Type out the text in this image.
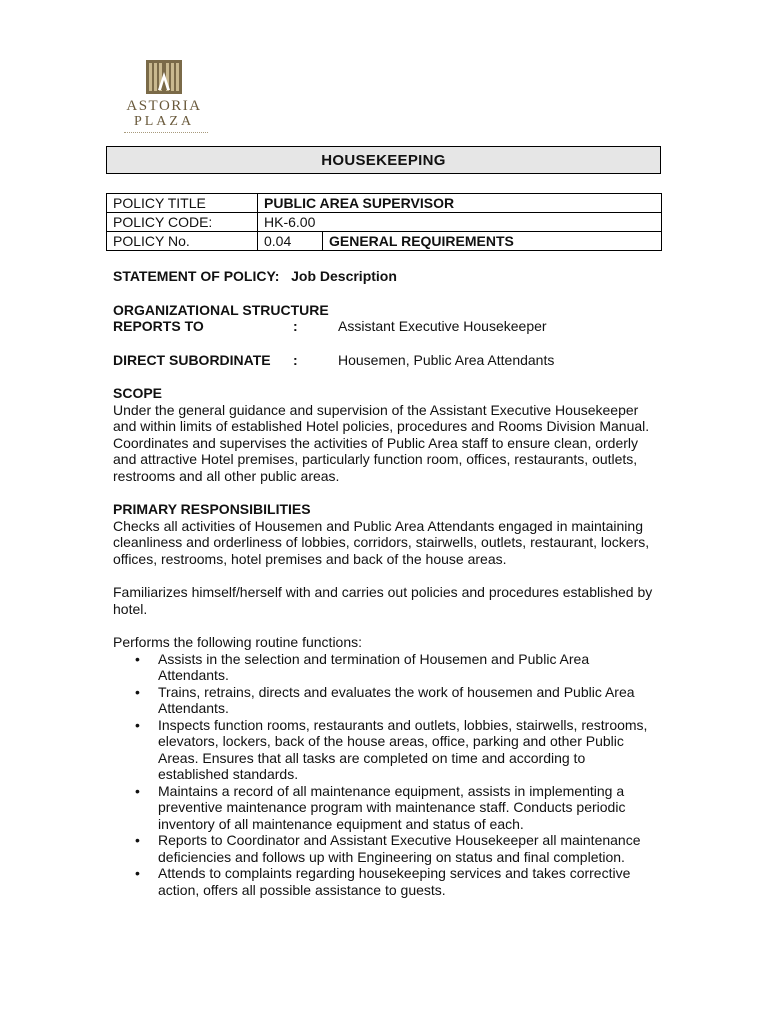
ASTORIA
PLAZA
HOUSEKEEPING
POLICY TITLE	PUBLIC AREA SUPERVISOR	
POLICY CODE:	HK-6.00	
POLICY No.	0.04	GENERAL REQUIREMENTS

STATEMENT OF POLICY: Job Description

ORGANIZATIONAL STRUCTURE

REPORTS TO	:	Assistant Executive Housekeeper
DIRECT SUBORDINATE	:	Housemen, Public Area Attendants

SCOPE

Under the general guidance and supervision of the Assistant Executive Housekeeper and within limits of established Hotel policies, procedures and Rooms Division Manual. Coordinates and supervises the activities of Public Area staff to ensure clean, orderly and attractive Hotel premises, particularly function room, offices, restaurants, outlets, restrooms and all other public areas.

PRIMARY RESPONSIBILITIES

Checks all activities of Housemen and Public Area Attendants engaged in maintaining cleanliness and orderliness of lobbies, corridors, stairwells, outlets, restaurant, lockers, offices, restrooms, hotel premises and back of the house areas.

Familiarizes himself/herself with and carries out policies and procedures established by hotel.

Performs the following routine functions:

• Assists in the selection and termination of Housemen and Public Area Attendants.
• Trains, retrains, directs and evaluates the work of housemen and Public Area Attendants.
• Inspects function rooms, restaurants and outlets, lobbies, stairwells, restrooms, elevators, lockers, back of the house areas, office, parking and other Public Areas. Ensures that all tasks are completed on time and according to established standards.
• Maintains a record of all maintenance equipment, assists in implementing a preventive maintenance program with maintenance staff. Conducts periodic inventory of all maintenance equipment and status of each.
• Reports to Coordinator and Assistant Executive Housekeeper all maintenance deficiencies and follows up with Engineering on status and final completion.
• Attends to complaints regarding housekeeping services and takes corrective action, offers all possible assistance to guests.
